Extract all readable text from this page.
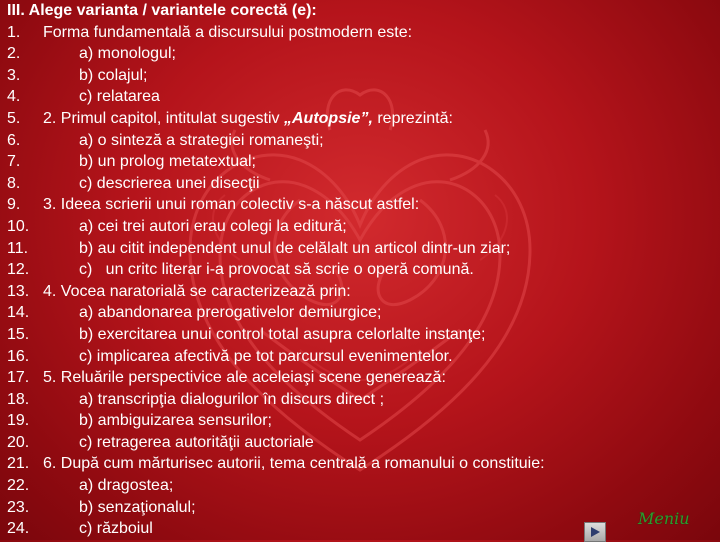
III. Alege varianta / variantele corectă (e):
1.	Forma fundamentală a discursului postmodern este:
2.	a) monologul;
3.	b) colajul;
4.	c) relatarea
5.	2. Primul capitol, intitulat sugestiv „Autopsie”, reprezintă:
6.	a) o sinteză a strategiei romaneşti;
7.	b) un prolog metatextual;
8.	c) descrierea unei disecţii
9.	3. Ideea scrierii unui roman colectiv s-a născut astfel:
10.	a) cei trei autori erau colegi la editură;
11.	b) au citit independent unul de celălalt un articol dintr-un ziar;
12.	c)   un critc literar i-a provocat să scrie o operă comună.
13. 4. Vocea naratorială se caracterizează prin:
14.	a) abandonarea prerogativelor demiurgice;
15.	b) exercitarea unui control total asupra celorlalte instanţe;
16.	c) implicarea afectivă pe tot parcursul evenimentelor.
17. 5. Reluările perspectivice ale aceleiaşi scene generează:
18.	a) transcripţia dialogurilor în discurs direct ;
19.	b) ambiguizarea sensurilor;
20.	c) retragerea autorităţii auctoriale
21. 6. După cum mărturisec autorii, tema centrală a romanului o constituie:
22.	a) dragostea;
23.	b) senzaţionalul;
24.	c) războiul
Meniu
